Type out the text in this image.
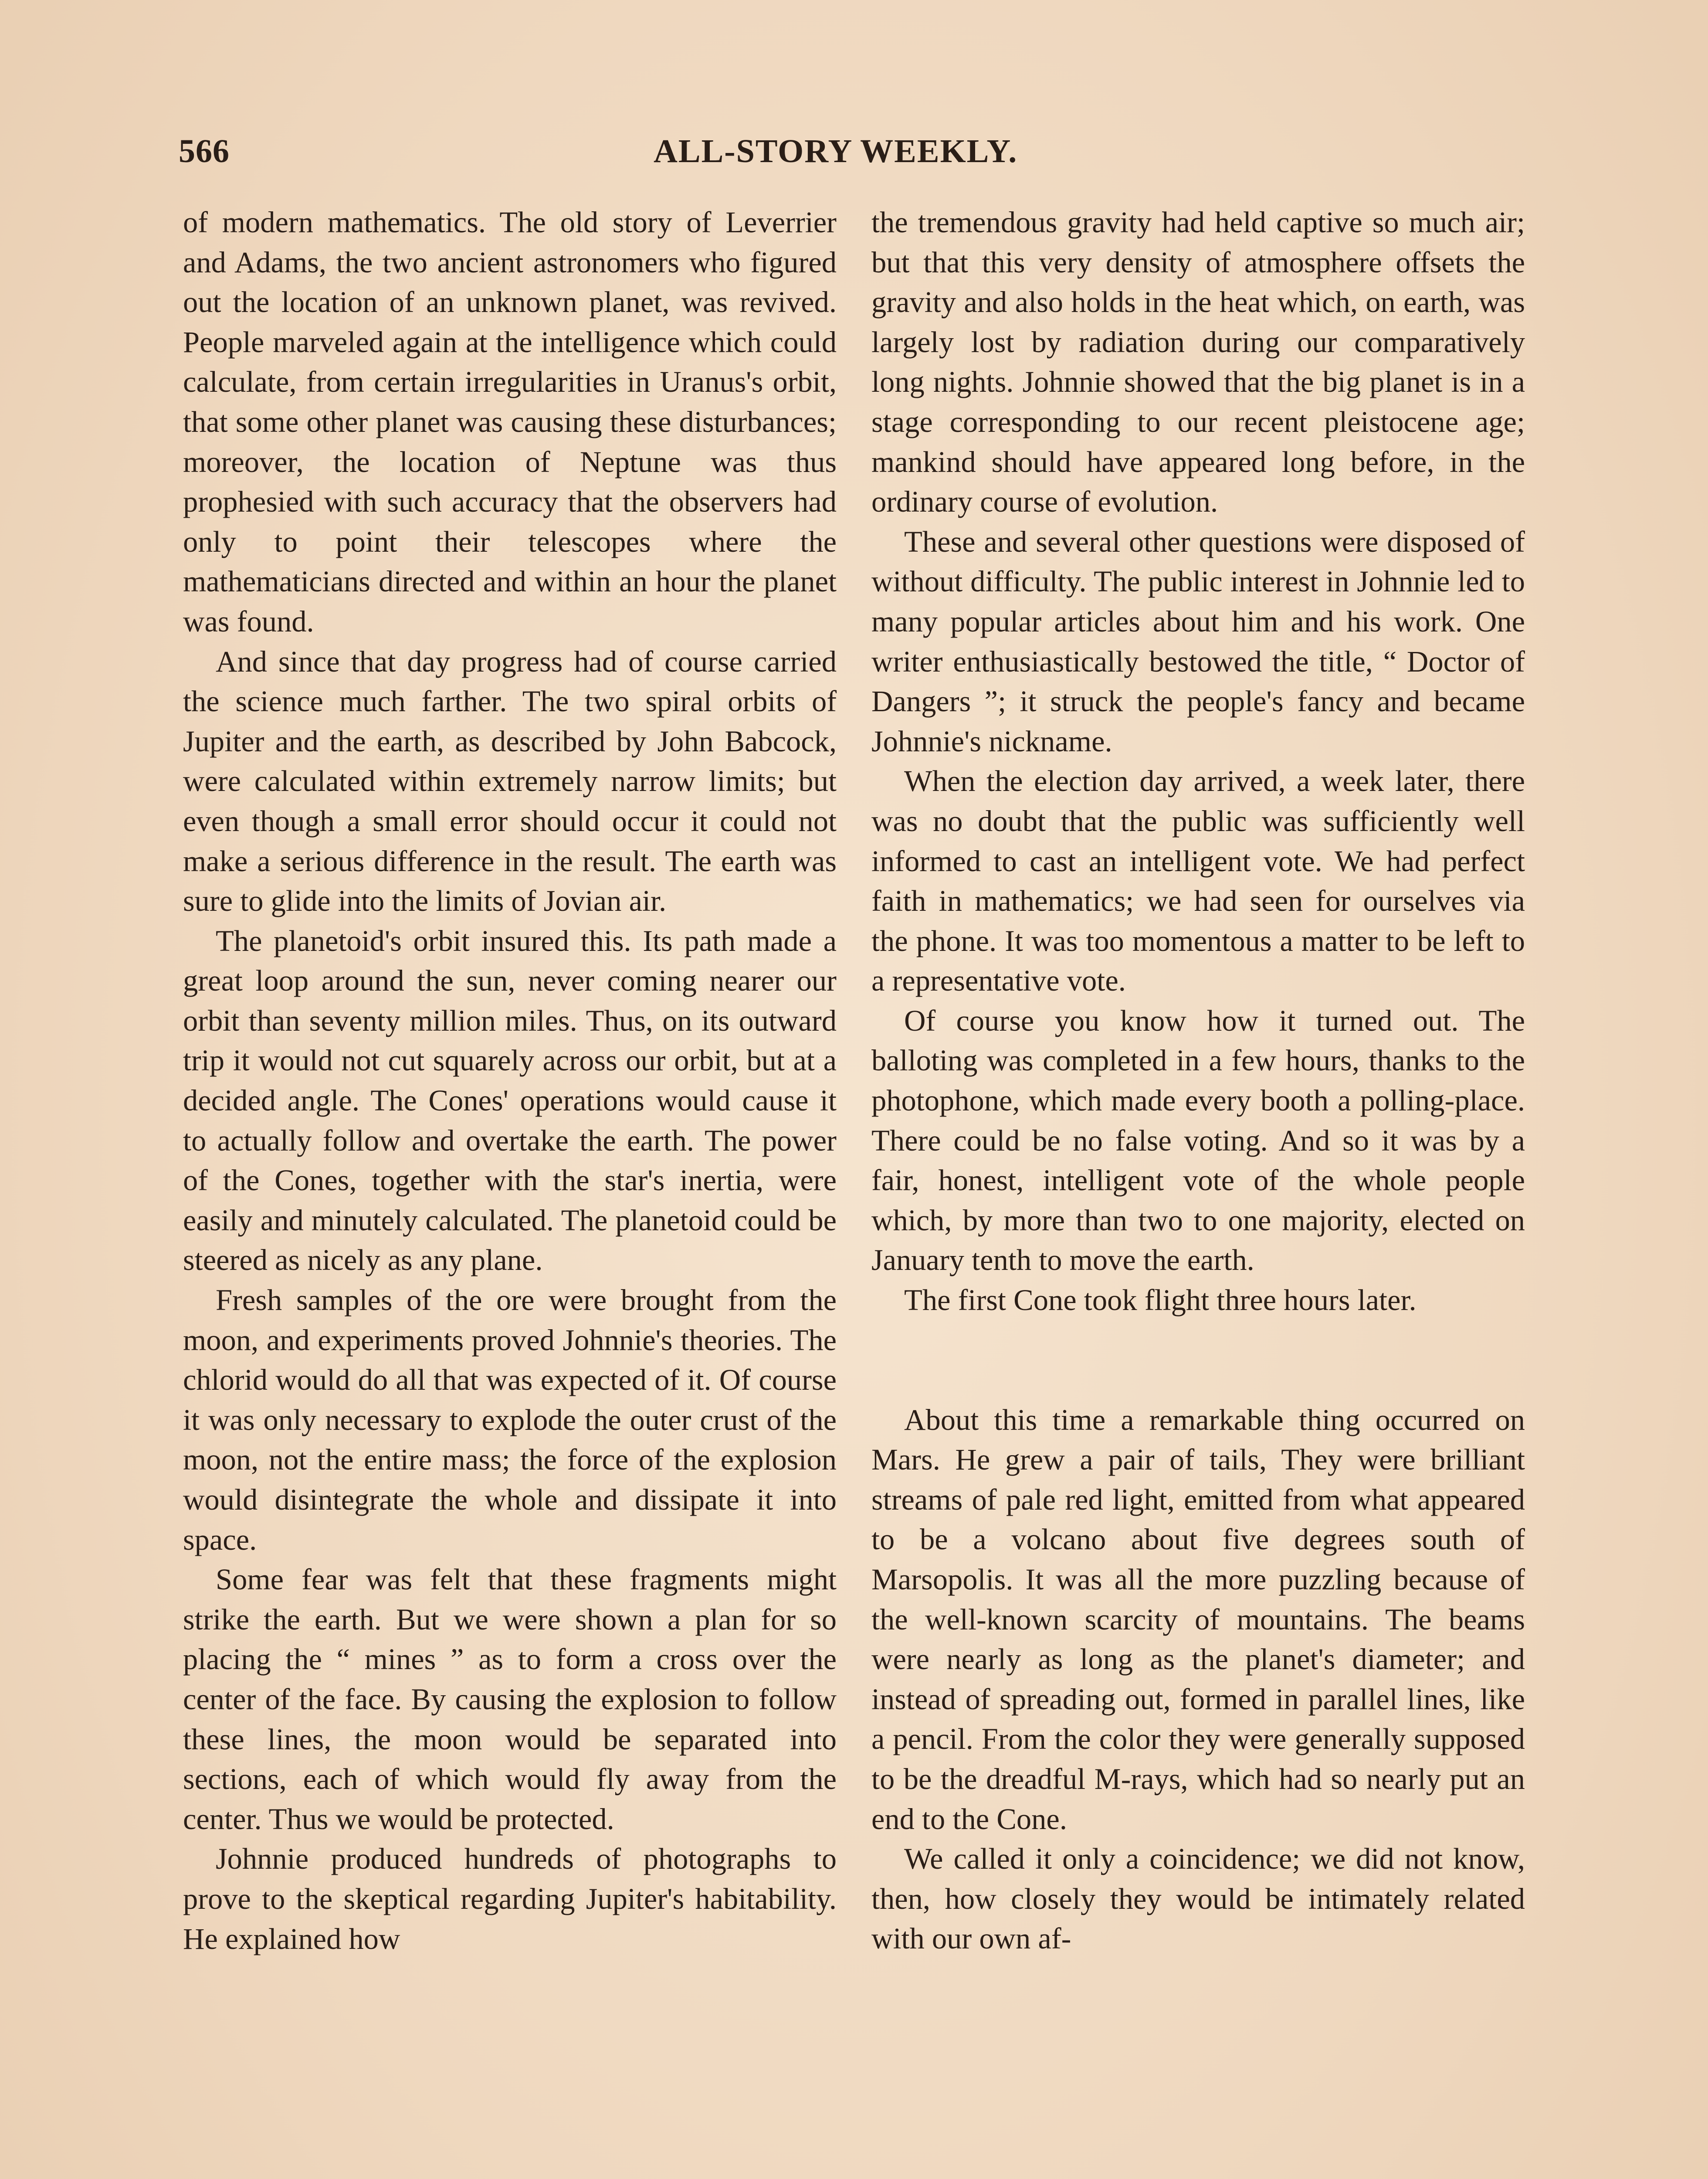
566	ALL-STORY WEEKLY.

of modern mathematics. The old story of Leverrier and Adams, the two ancient astronomers who figured out the location of an unknown planet, was revived. People marveled again at the intelligence which could calculate, from certain irregularities in Uranus's orbit, that some other planet was causing these disturbances; moreover, the location of Neptune was thus prophesied with such accuracy that the observers had only to point their telescopes where the mathematicians directed and within an hour the planet was found.

And since that day progress had of course carried the science much farther. The two spiral orbits of Jupiter and the earth, as described by John Babcock, were calculated within extremely narrow limits; but even though a small error should occur it could not make a serious difference in the result. The earth was sure to glide into the limits of Jovian air.

The planetoid's orbit insured this. Its path made a great loop around the sun, never coming nearer our orbit than seventy million miles. Thus, on its outward trip it would not cut squarely across our orbit, but at a decided angle. The Cones' operations would cause it to actually follow and overtake the earth. The power of the Cones, together with the star's inertia, were easily and minutely calculated. The planetoid could be steered as nicely as any plane.

Fresh samples of the ore were brought from the moon, and experiments proved Johnnie's theories. The chlorid would do all that was expected of it. Of course it was only necessary to explode the outer crust of the moon, not the entire mass; the force of the explosion would disintegrate the whole and dissipate it into space.

Some fear was felt that these fragments might strike the earth. But we were shown a plan for so placing the “ mines ” as to form a cross over the center of the face. By causing the explosion to follow these lines, the moon would be separated into sections, each of which would fly away from the center. Thus we would be protected.

Johnnie produced hundreds of photographs to prove to the skeptical regarding Jupiter's habitability. He explained how

the tremendous gravity had held captive so much air; but that this very density of atmosphere offsets the gravity and also holds in the heat which, on earth, was largely lost by radiation during our comparatively long nights. Johnnie showed that the big planet is in a stage corresponding to our recent pleistocene age; mankind should have appeared long before, in the ordinary course of evolution.

These and several other questions were disposed of without difficulty. The public interest in Johnnie led to many popular articles about him and his work. One writer enthusiastically bestowed the title, “ Doctor of Dangers ”; it struck the people's fancy and became Johnnie's nickname.

When the election day arrived, a week later, there was no doubt that the public was sufficiently well informed to cast an intelligent vote. We had perfect faith in mathematics; we had seen for ourselves via the phone. It was too momentous a matter to be left to a representative vote.

Of course you know how it turned out. The balloting was completed in a few hours, thanks to the photophone, which made every booth a polling-place. There could be no false voting. And so it was by a fair, honest, intelligent vote of the whole people which, by more than two to one majority, elected on January tenth to move the earth.

The first Cone took flight three hours later.

About this time a remarkable thing occurred on Mars. He grew a pair of tails, They were brilliant streams of pale red light, emitted from what appeared to be a volcano about five degrees south of Marsopolis. It was all the more puzzling because of the well-known scarcity of mountains. The beams were nearly as long as the planet's diameter; and instead of spreading out, formed in parallel lines, like a pencil. From the color they were generally supposed to be the dreadful M-rays, which had so nearly put an end to the Cone.

We called it only a coincidence; we did not know, then, how closely they would be intimately related with our own af-
